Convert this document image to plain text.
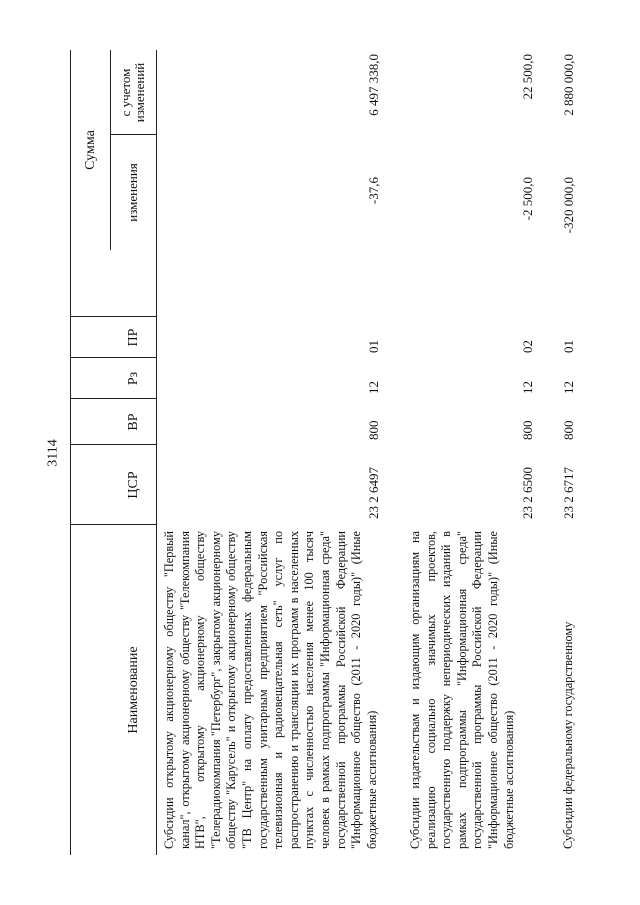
3114
Наименование
ЦСР
ВР
Рз
ПР
Сумма
изменения
с учетом изменений
Субсидии открытому акционерному обществу "Первый канал", открытому акционерному обществу "Телекомпания НТВ", открытому акционерному обществу "Телерадиокомпания "Петербург", закрытому акционерному обществу "Карусель" и открытому акционерному обществу "ТВ Центр" на оплату предоставленных федеральным государственным унитарным предприятием "Российская телевизионная и радиовещательная сеть" услуг по распространению и трансляции их программ в населенных пунктах с численностью населения менее 100 тысяч человек в рамках подпрограммы "Информационная среда" государственной программы Российской Федерации "Информационное общество (2011 - 2020 годы)" (Иные бюджетные ассигнования)
23 2 6497
800
12
01
-37,6
6 497 338,0
Субсидии издательствам и издающим организациям на реализацию социально значимых проектов, государственную поддержку непериодических изданий в рамках подпрограммы "Информационная среда" государственной программы Российской Федерации "Информационное общество (2011 - 2020 годы)" (Иные бюджетные ассигнования)
23 2 6500
800
12
02
-2 500,0
22 500,0
Субсидии федеральному государственному
23 2 6717
800
12
01
-320 000,0
2 880 000,0
